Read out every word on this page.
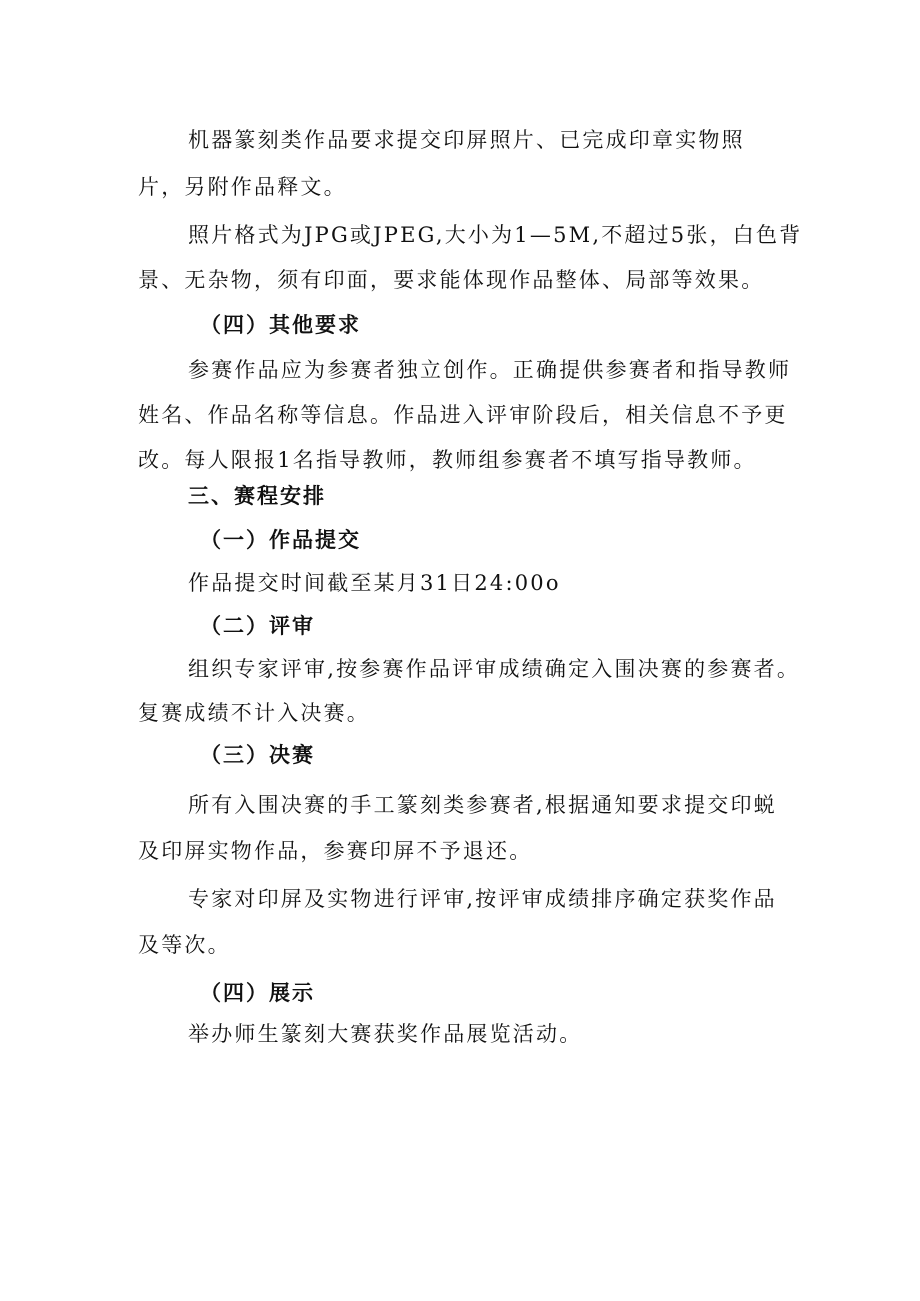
机器篆刻类作品要求提交印屏照片、已完成印章实物照
片，另附作品释文。
照片格式为JPG或JPEG,大小为1—5M,不超过5张，白色背
景、无杂物，须有印面，要求能体现作品整体、局部等效果。
（四）其他要求
参赛作品应为参赛者独立创作。正确提供参赛者和指导教师
姓名、作品名称等信息。作品进入评审阶段后，相关信息不予更
改。每人限报1名指导教师，教师组参赛者不填写指导教师。
三、赛程安排
（一）作品提交
作品提交时间截至某月31日24:00o
（二）评审
组织专家评审,按参赛作品评审成绩确定入围决赛的参赛者。
复赛成绩不计入决赛。
（三）决赛
所有入围决赛的手工篆刻类参赛者,根据通知要求提交印蜕
及印屏实物作品，参赛印屏不予退还。
专家对印屏及实物进行评审,按评审成绩排序确定获奖作品
及等次。
（四）展示
举办师生篆刻大赛获奖作品展览活动。
